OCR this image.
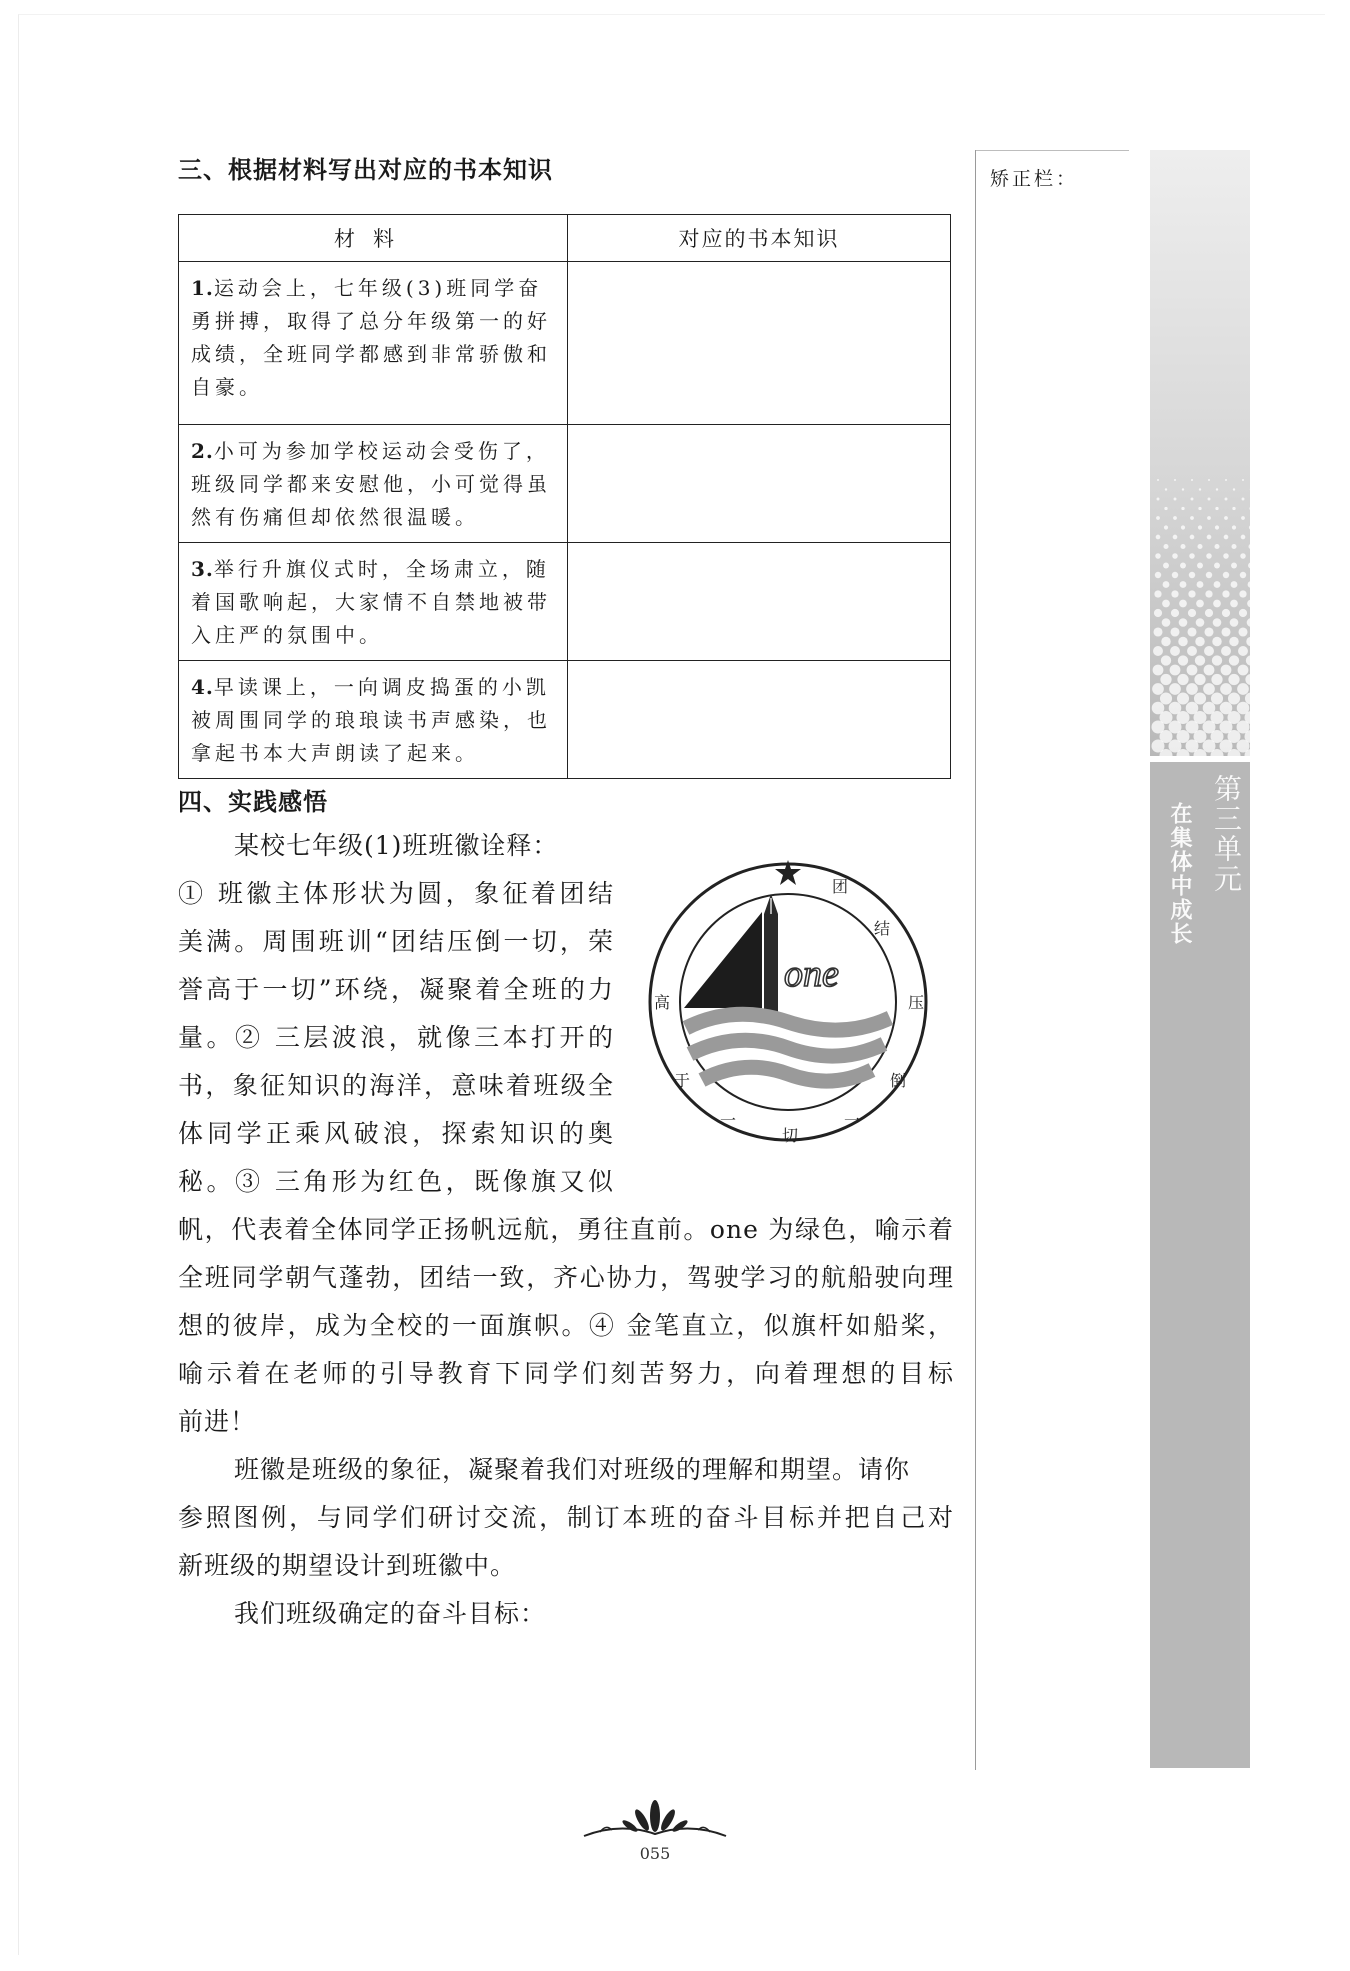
三、根据材料写出对应的书本知识
材料	对应的书本知识
1.运动会上，七年级(3)班同学奋勇拼搏，取得了总分年级第一的好成绩，全班同学都感到非常骄傲和自豪。	
2.小可为参加学校运动会受伤了，班级同学都来安慰他，小可觉得虽然有伤痛但却依然很温暖。	
3.举行升旗仪式时，全场肃立，随着国歌响起，大家情不自禁地被带入庄严的氛围中。	
4.早读课上，一向调皮捣蛋的小凯被周围同学的琅琅读书声感染，也拿起书本大声朗读了起来。	
四、实践感悟
某校七年级(1)班班徽诠释：
① 班徽主体形状为圆，象征着团结
美满。周围班训“团结压倒一切，荣
誉高于一切”环绕，凝聚着全班的力
量。② 三层波浪，就像三本打开的
书，象征知识的海洋，意味着班级全
体同学正乘风破浪，探索知识的奥
秘。③ 三角形为红色，既像旗又似
one
高
于
一
切
一
倒
压
结
团
帆，代表着全体同学正扬帆远航，勇往直前。one 为绿色，喻示着
全班同学朝气蓬勃，团结一致，齐心协力，驾驶学习的航船驶向理
想的彼岸，成为全校的一面旗帜。④ 金笔直立，似旗杆如船桨，
喻示着在老师的引导教育下同学们刻苦努力，向着理想的目标
前进！
班徽是班级的象征，凝聚着我们对班级的理解和期望。请你
参照图例，与同学们研讨交流，制订本班的奋斗目标并把自己对
新班级的期望设计到班徽中。
我们班级确定的奋斗目标：
矫正栏：
第三单元
在集体中成长
055
